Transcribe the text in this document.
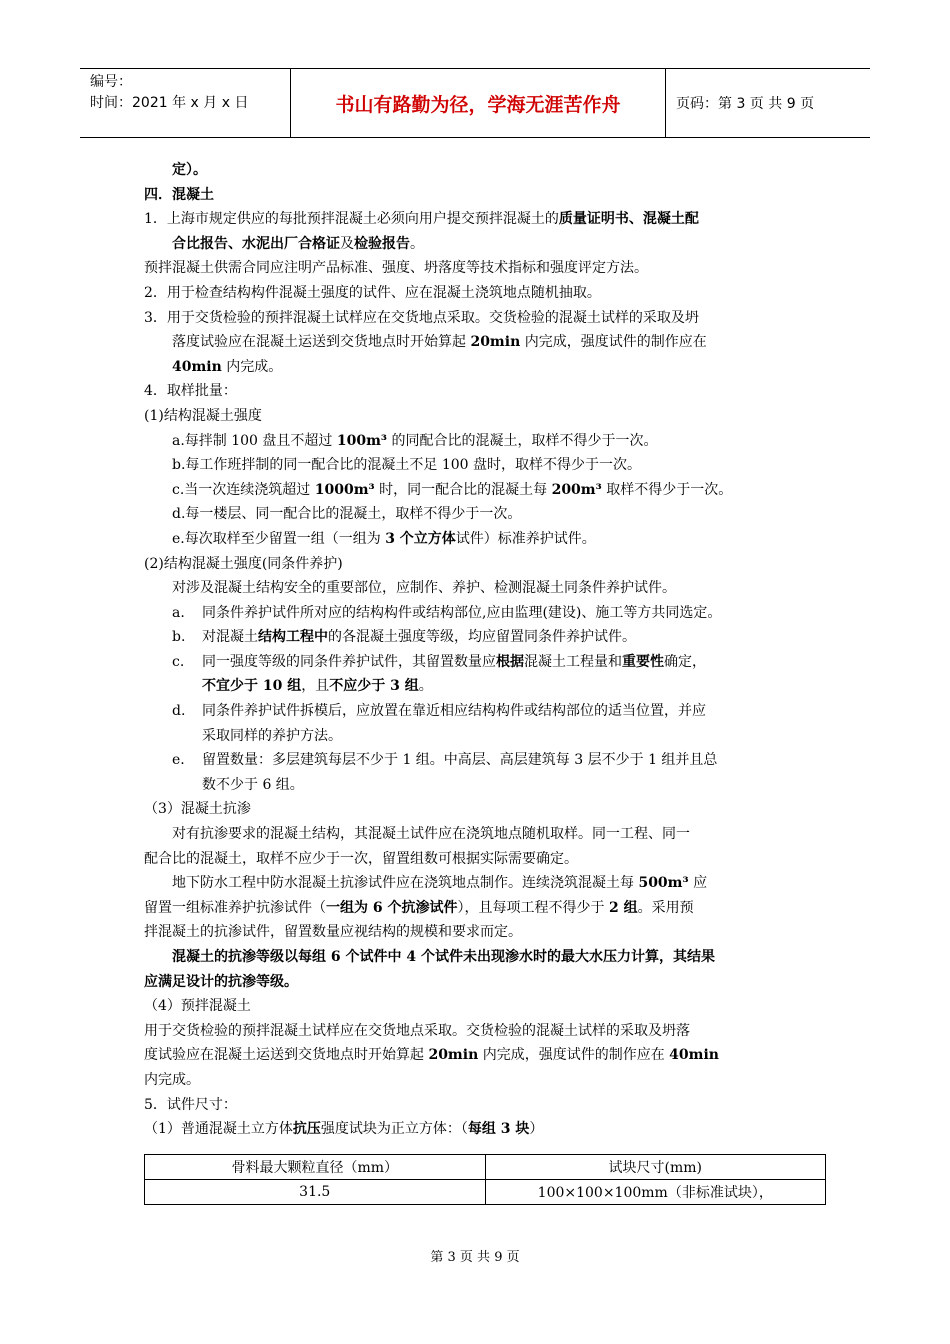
编号：
时间：2021 年 x 月 x 日	书山有路勤为径，学海无涯苦作舟	页码：第 3 页 共 9 页
定）。
四．混凝土
1．上海市规定供应的每批预拌混凝土必须向用户提交预拌混凝土的质量证明书、混凝土配
合比报告、水泥出厂合格证及检验报告。
预拌混凝土供需合同应注明产品标准、强度、坍落度等技术指标和强度评定方法。
2．用于检查结构构件混凝土强度的试件、应在混凝土浇筑地点随机抽取。
3．用于交货检验的预拌混凝土试样应在交货地点采取。交货检验的混凝土试样的采取及坍
落度试验应在混凝土运送到交货地点时开始算起 20min 内完成，强度试件的制作应在
40min 内完成。
4．取样批量：
(1)结构混凝土强度
a.每拌制 100 盘且不超过 100m³ 的同配合比的混凝土，取样不得少于一次。
b.每工作班拌制的同一配合比的混凝土不足 100 盘时，取样不得少于一次。
c.当一次连续浇筑超过 1000m³ 时，同一配合比的混凝土每 200m³ 取样不得少于一次。
d.每一楼层、同一配合比的混凝土，取样不得少于一次。
e.每次取样至少留置一组（一组为 3 个立方体试件）标准养护试件。
(2)结构混凝土强度(同条件养护)
对涉及混凝土结构安全的重要部位，应制作、养护、检测混凝土同条件养护试件。
a. 同条件养护试件所对应的结构构件或结构部位,应由监理(建设)、施工等方共同选定。
b. 对混凝土结构工程中的各混凝土强度等级，均应留置同条件养护试件。
c. 同一强度等级的同条件养护试件，其留置数量应根据混凝土工程量和重要性确定，
不宜少于 10 组，且不应少于 3 组。
d. 同条件养护试件拆模后，应放置在靠近相应结构构件或结构部位的适当位置，并应
采取同样的养护方法。
e. 留置数量：多层建筑每层不少于 1 组。中高层、高层建筑每 3 层不少于 1 组并且总
数不少于 6 组。
（3）混凝土抗渗
对有抗渗要求的混凝土结构，其混凝土试件应在浇筑地点随机取样。同一工程、同一
配合比的混凝土，取样不应少于一次，留置组数可根据实际需要确定。
地下防水工程中防水混凝土抗渗试件应在浇筑地点制作。连续浇筑混凝土每 500m³ 应
留置一组标准养护抗渗试件（一组为 6 个抗渗试件），且每项工程不得少于 2 组。采用预
拌混凝土的抗渗试件，留置数量应视结构的规模和要求而定。
混凝土的抗渗等级以每组 6 个试件中 4 个试件未出现渗水时的最大水压力计算，其结果
应满足设计的抗渗等级。
（4）预拌混凝土
用于交货检验的预拌混凝土试样应在交货地点采取。交货检验的混凝土试样的采取及坍落
度试验应在混凝土运送到交货地点时开始算起 20min 内完成，强度试件的制作应在 40min
内完成。
5．试件尺寸：
（1）普通混凝土立方体抗压强度试块为正立方体：（每组 3 块）
骨料最大颗粒直径（mm）	试块尺寸(mm)
31.5	100×100×100mm（非标准试块），
第 3 页 共 9 页
